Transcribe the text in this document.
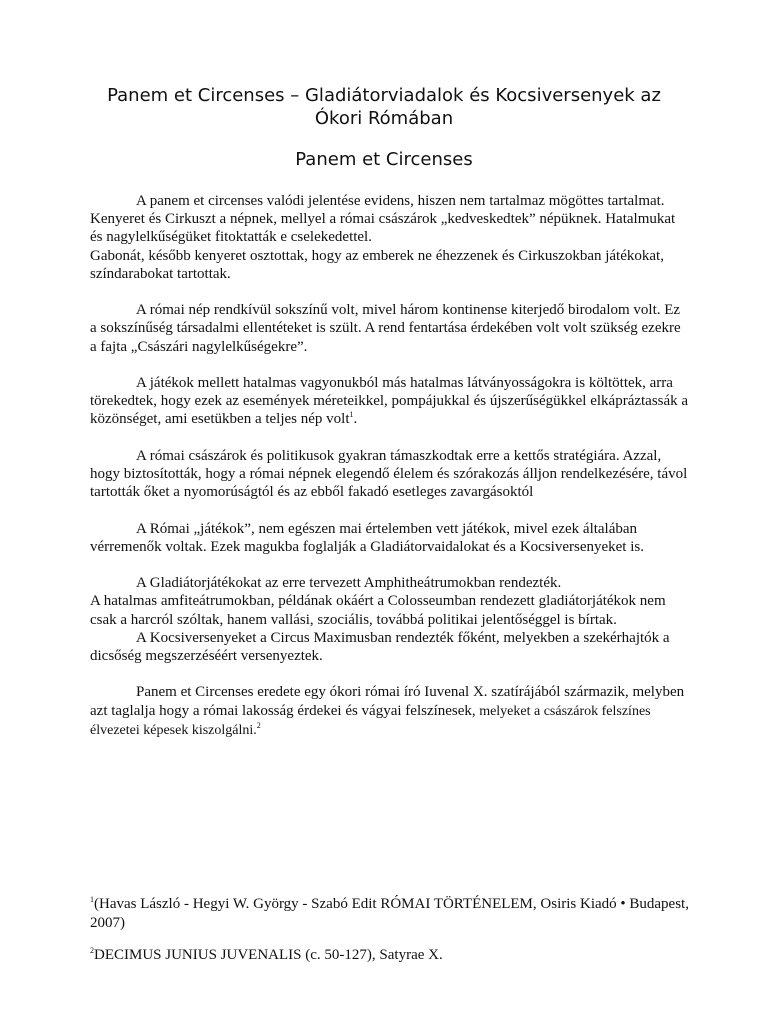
Panem et Circenses – Gladiátorviadalok és Kocsiversenyek az Ókori Rómában
Panem et Circenses

A panem et circenses valódi jelentése evidens, hiszen nem tartalmaz mögöttes tartalmat. Kenyeret és Cirkuszt a népnek, mellyel a római császárok „kedveskedtek” népüknek. Hatalmukat és nagylelkűségüket fitoktatták e cselekedettel.

Gabonát, később kenyeret osztottak, hogy az emberek ne éhezzenek és Cirkuszokban játékokat, színdarabokat tartottak.

A római nép rendkívül sokszínű volt, mivel három kontinense kiterjedő birodalom volt. Ez a sokszínűség társadalmi ellentéteket is szült. A rend fentartása érdekében volt volt szükség ezekre a fajta „Császári nagylelkűségekre”.

A játékok mellett hatalmas vagyonukból más hatalmas látványosságokra is költöttek, arra törekedtek, hogy ezek az események méreteikkel, pompájukkal és újszerűségükkel elkápráztassák a közönséget, ami esetükben a teljes nép volt$^1$.

A római császárok és politikusok gyakran támaszkodtak erre a kettős stratégiára. Azzal, hogy biztosították, hogy a római népnek elegendő élelem és szórakozás álljon rendelkezésére, távol tartották őket a nyomorúságtól és az ebből fakadó esetleges zavargásoktól

A Római „játékok”, nem egészen mai értelemben vett játékok, mivel ezek általában vérremenők voltak. Ezek magukba foglalják a Gladiátorvaidalokat és a Kocsiversenyeket is.

A Gladiátorjátékokat az erre tervezett Amphitheátrumokban rendezték.

A hatalmas amfiteátrumokban, példának okáért a Colosseumban rendezett gladiátorjátékok nem csak a harcról szóltak, hanem vallási, szociális, továbbá politikai jelentőséggel is bírtak.

A Kocsiversenyeket a Circus Maximusban rendezték főként, melyekben a szekérhajtók a dicsőség megszerzéséért versenyeztek.

Panem et Circenses eredete egy ókori római író Iuvenal X. szatírájából származik, melyben azt taglalja hogy a római lakosság érdekei és vágyai felszínesek, melyeket a császárok felszínes élvezetei képesek kiszolgálni.$^2$

$^1$(Havas László - Hegyi W. György - Szabó Edit RÓMAI TÖRTÉNELEM, Osiris Kiadó • Budapest, 2007)

$^2$DECIMUS JUNIUS JUVENALIS (c. 50-127), Satyrae X.
